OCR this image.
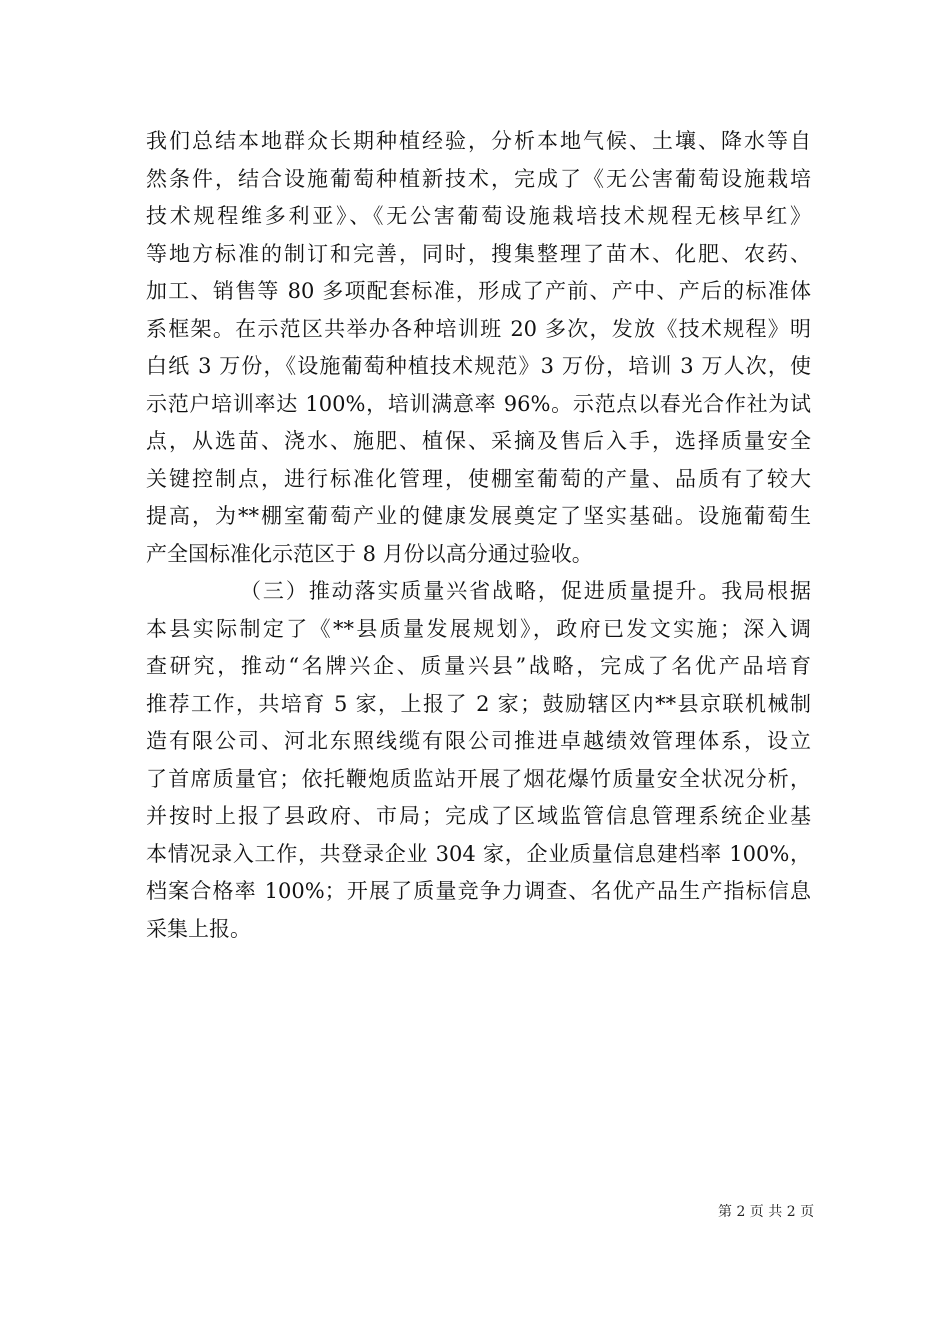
我们总结本地群众长期种植经验，分析本地气候、土壤、降水等自
然条件，结合设施葡萄种植新技术，完成了《无公害葡萄设施栽培
技术规程维多利亚》、《无公害葡萄设施栽培技术规程无核早红》
等地方标准的制订和完善，同时，搜集整理了苗木、化肥、农药、
加工、销售等 80 多项配套标准，形成了产前、产中、产后的标准体
系框架。在示范区共举办各种培训班 20 多次，发放《技术规程》明
白纸 3 万份，《设施葡萄种植技术规范》3 万份，培训 3 万人次，使
示范户培训率达 100%，培训满意率 96%。示范点以春光合作社为试
点，从选苗、浇水、施肥、植保、采摘及售后入手，选择质量安全
关键控制点，进行标准化管理，使棚室葡萄的产量、品质有了较大
提高，为**棚室葡萄产业的健康发展奠定了坚实基础。设施葡萄生
产全国标准化示范区于 8 月份以高分通过验收。
（三）推动落实质量兴省战略，促进质量提升。我局根据
本县实际制定了《**县质量发展规划》，政府已发文实施；深入调
查研究，推动“名牌兴企、质量兴县”战略，完成了名优产品培育
推荐工作，共培育 5 家，上报了 2 家；鼓励辖区内**县京联机械制
造有限公司、河北东照线缆有限公司推进卓越绩效管理体系，设立
了首席质量官；依托鞭炮质监站开展了烟花爆竹质量安全状况分析，
并按时上报了县政府、市局；完成了区域监管信息管理系统企业基
本情况录入工作，共登录企业 304 家，企业质量信息建档率 100%，
档案合格率 100%；开展了质量竞争力调查、名优产品生产指标信息
采集上报。
第 2 页 共 2 页
